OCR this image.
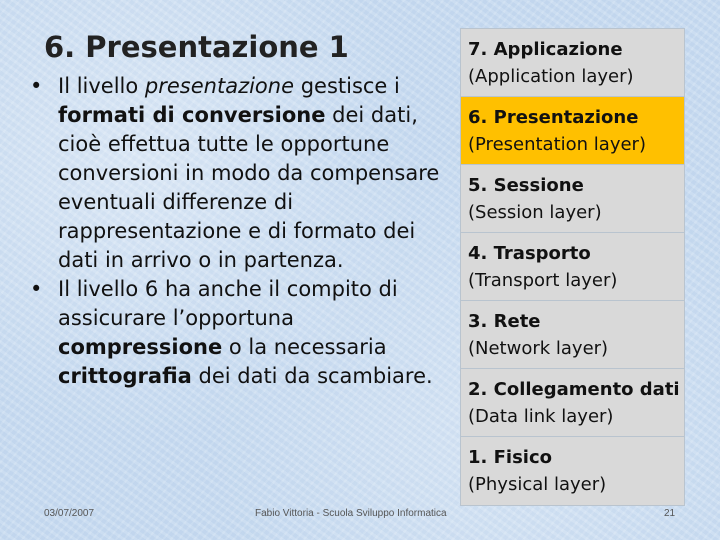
6. Presentazione 1

• Il livello presentazione gestisce i formati di conversione dei dati, cioè effettua tutte le opportune conversioni in modo da compensare eventuali differenze di rappresentazione e di formato dei dati in arrivo o in partenza.

• Il livello 6 ha anche il compito di assicurare l’opportuna compressione o la necessaria crittografia dei dati da scambiare.

7. Applicazione
(Application layer)
6. Presentazione
(Presentation layer)
5. Sessione
(Session layer)
4. Trasporto
(Transport layer)
3. Rete
(Network layer)
2. Collegamento dati
(Data link layer)
1. Fisico
(Physical layer)
03/07/2007	Fabio Vittoria - Scuola Sviluppo Informatica	21
